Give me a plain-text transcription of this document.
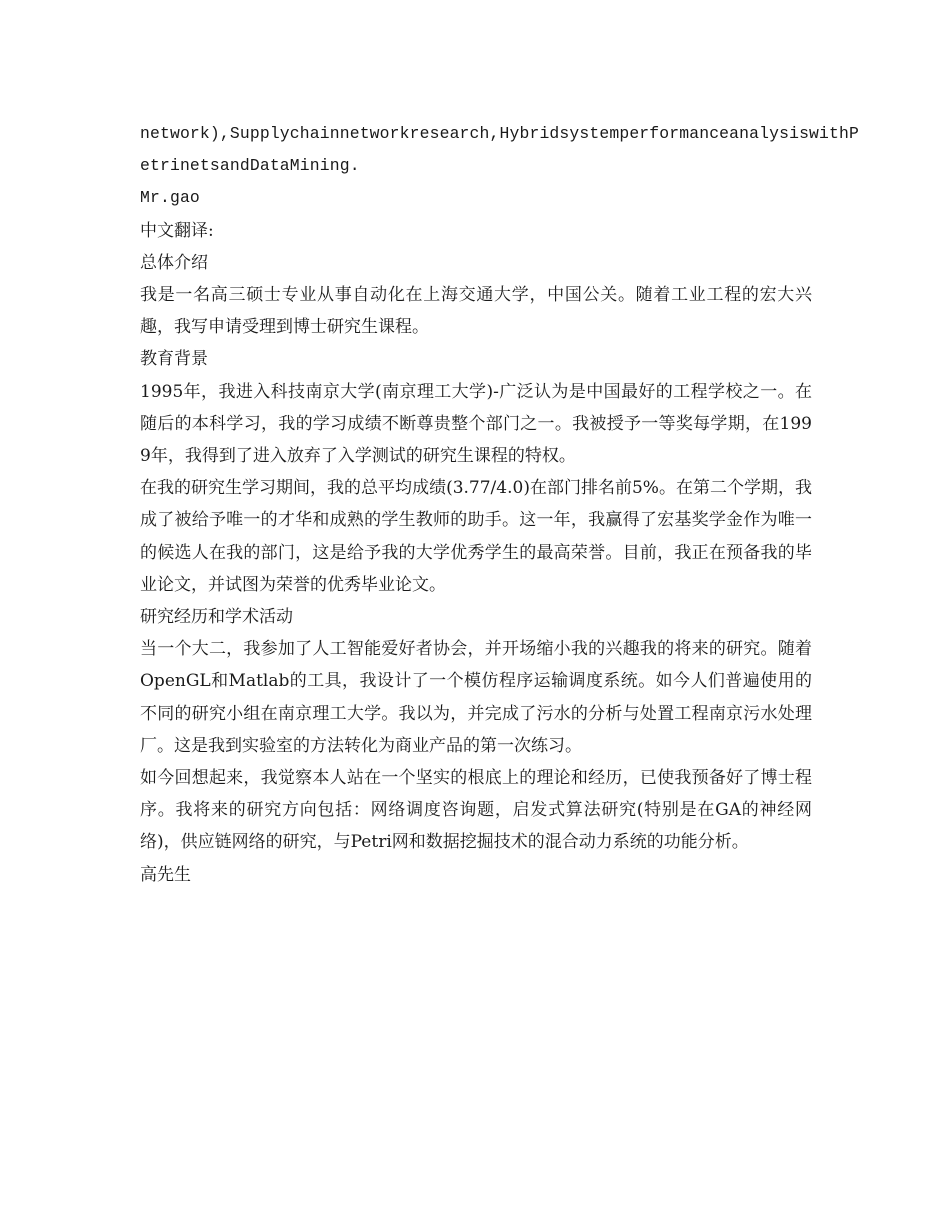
network),Supplychainnetworkresearch,HybridsystemperformanceanalysiswithP
etrinetsandDataMining.
Mr.gao
中文翻译:
总体介绍
我是一名高三硕士专业从事自动化在上海交通大学，中国公关。随着工业工程的宏大兴趣，我写申请受理到博士研究生课程。
教育背景
1995年，我进入科技南京大学(南京理工大学)-广泛认为是中国最好的工程学校之一。在随后的本科学习，我的学习成绩不断尊贵整个部门之一。我被授予一等奖每学期，在1999年，我得到了进入放弃了入学测试的研究生课程的特权。
在我的研究生学习期间，我的总平均成绩(3.77/4.0)在部门排名前5%。在第二个学期，我成了被给予唯一的才华和成熟的学生教师的助手。这一年，我赢得了宏基奖学金作为唯一的候选人在我的部门，这是给予我的大学优秀学生的最高荣誉。目前，我正在预备我的毕业论文，并试图为荣誉的优秀毕业论文。
研究经历和学术活动
当一个大二，我参加了人工智能爱好者协会，并开场缩小我的兴趣我的将来的研究。随着OpenGL和Matlab的工具，我设计了一个模仿程序运输调度系统。如今人们普遍使用的不同的研究小组在南京理工大学。我以为，并完成了污水的分析与处置工程南京污水处理厂。这是我到实验室的方法转化为商业产品的第一次练习。
如今回想起来，我觉察本人站在一个坚实的根底上的理论和经历，已使我预备好了博士程序。我将来的研究方向包括：网络调度咨询题，启发式算法研究(特别是在GA的神经网络)，供应链网络的研究，与Petri网和数据挖掘技术的混合动力系统的功能分析。
高先生
